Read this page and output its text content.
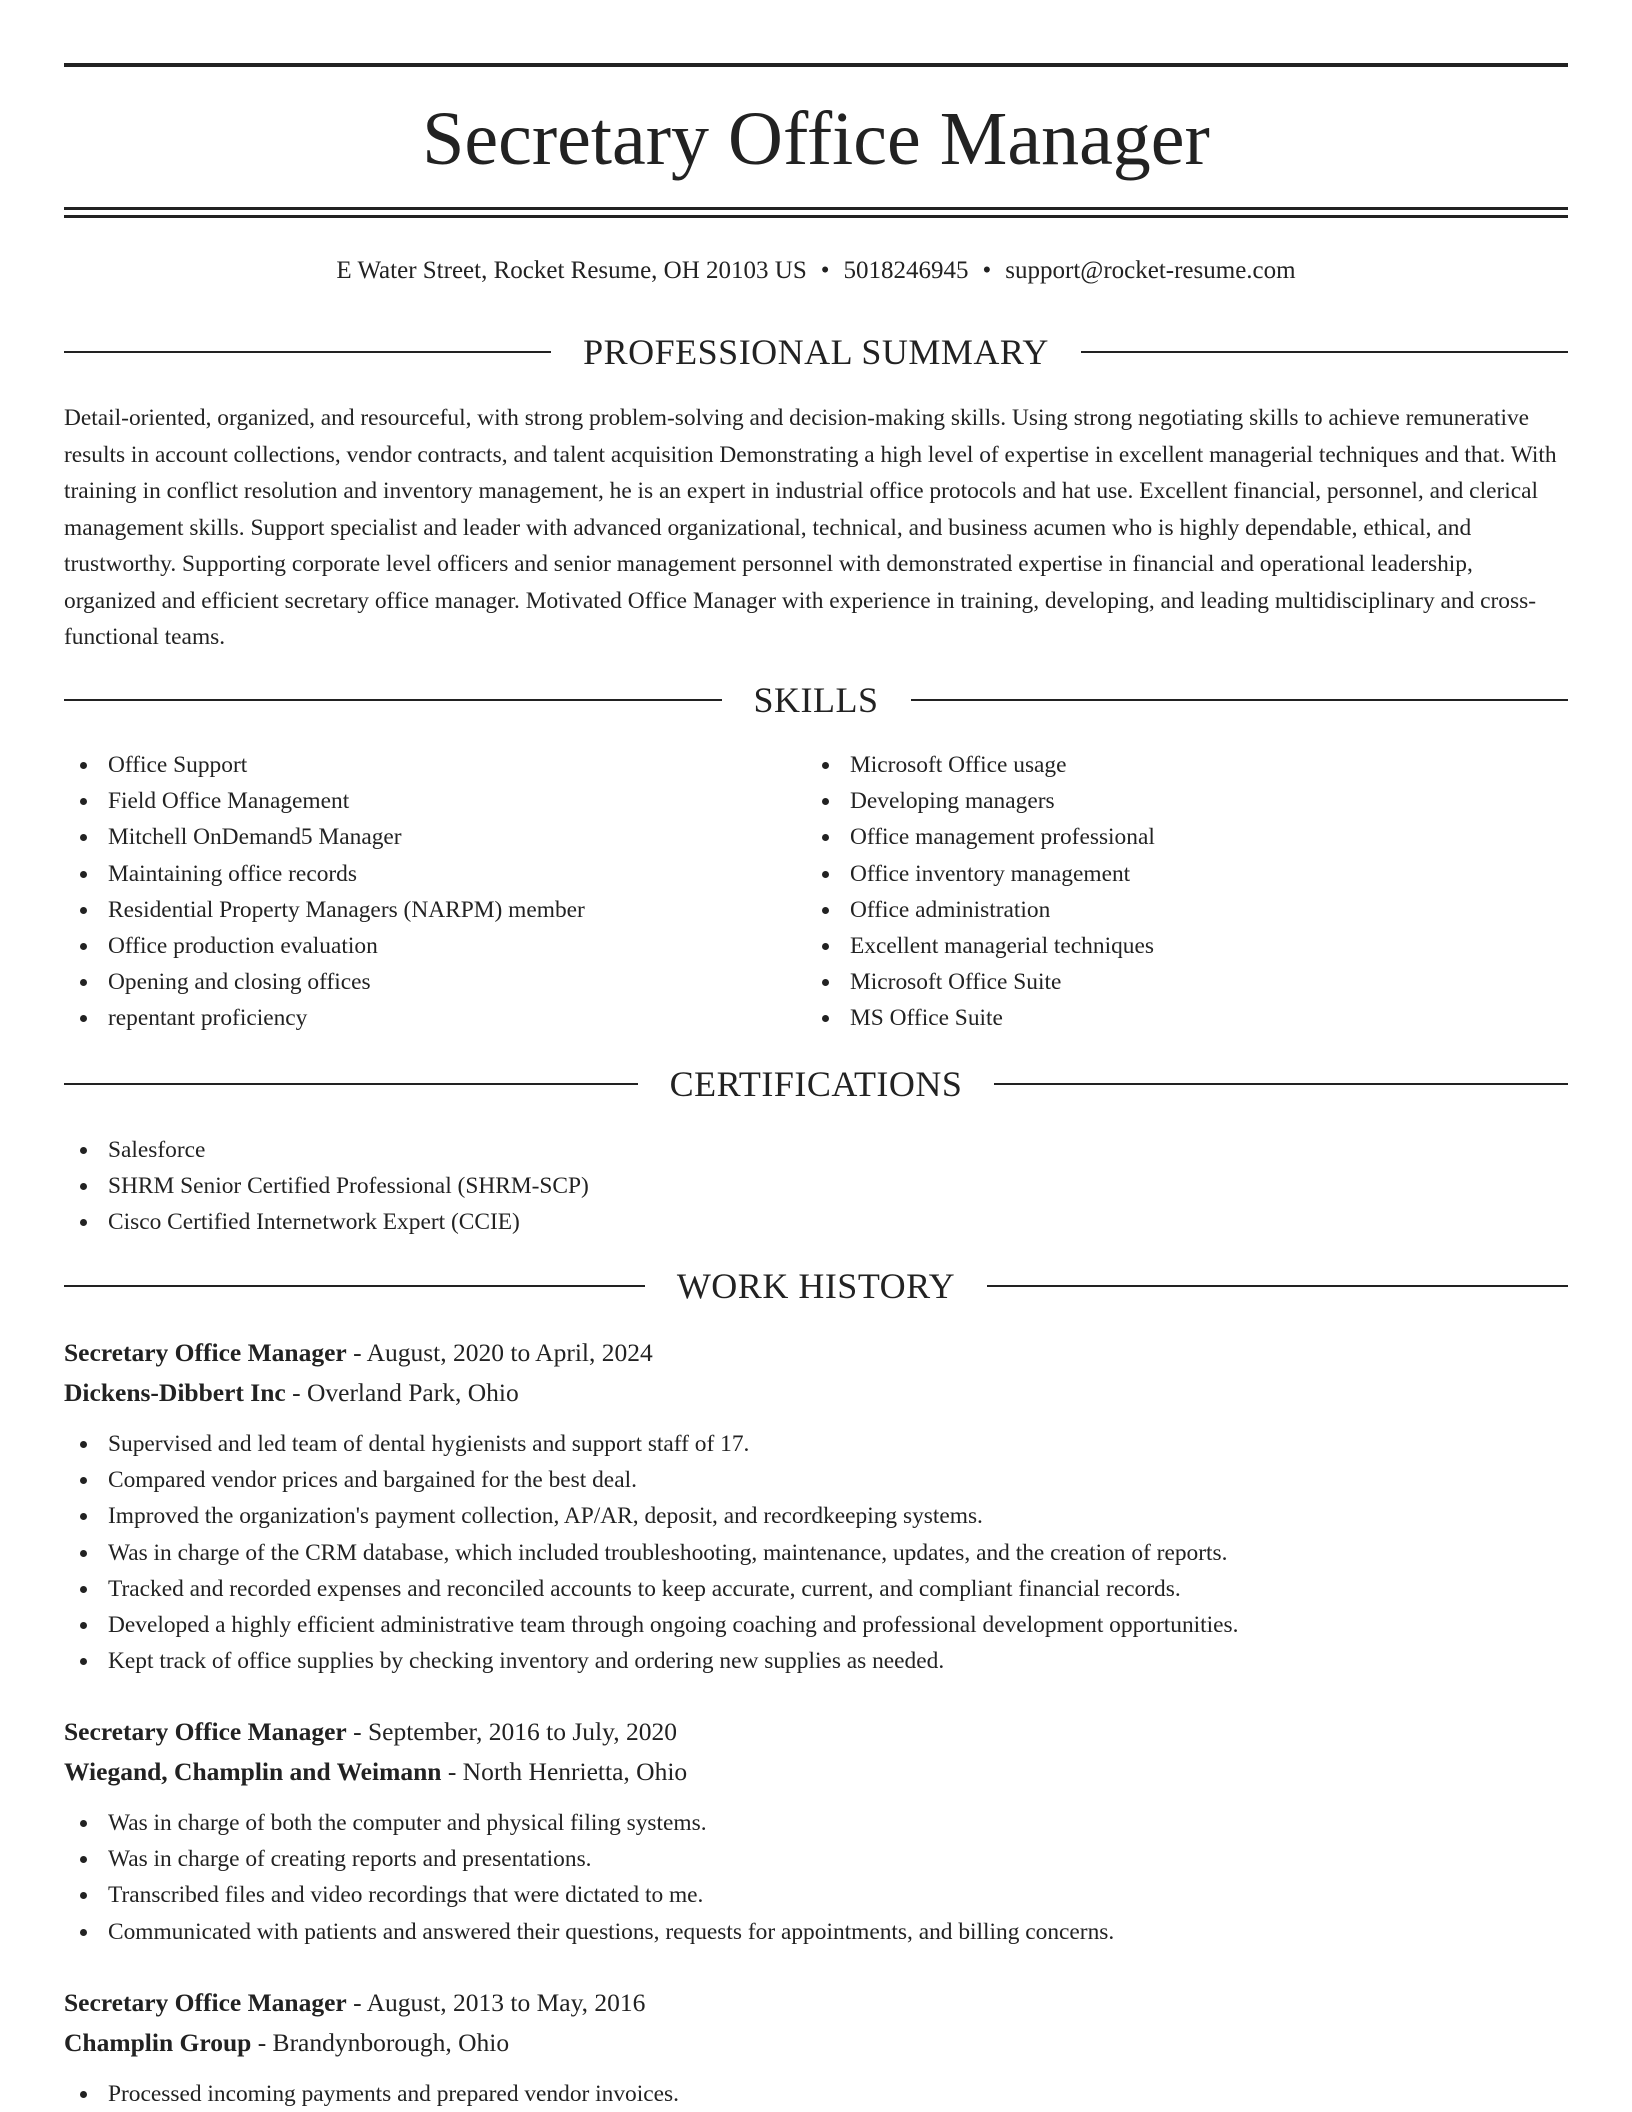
Secretary Office Manager
E Water Street, Rocket Resume, OH 20103 US • 5018246945 • support@rocket-resume.com
PROFESSIONAL SUMMARY

Detail-oriented, organized, and resourceful, with strong problem-solving and decision-making skills. Using strong negotiating skills to achieve remunerative results in account collections, vendor contracts, and talent acquisition Demonstrating a high level of expertise in excellent managerial techniques and that. With training in conflict resolution and inventory management, he is an expert in industrial office protocols and hat use. Excellent financial, personnel, and clerical management skills. Support specialist and leader with advanced organizational, technical, and business acumen who is highly dependable, ethical, and trustworthy. Supporting corporate level officers and senior management personnel with demonstrated expertise in financial and operational leadership, organized and efficient secretary office manager. Motivated Office Manager with experience in training, developing, and leading multidisciplinary and cross-functional teams.

SKILLS
Office Support
Field Office Management
Mitchell OnDemand5 Manager
Maintaining office records
Residential Property Managers (NARPM) member
Office production evaluation
Opening and closing offices
repentant proficiency
Microsoft Office usage
Developing managers
Office management professional
Office inventory management
Office administration
Excellent managerial techniques
Microsoft Office Suite
MS Office Suite
CERTIFICATIONS
Salesforce
SHRM Senior Certified Professional (SHRM-SCP)
Cisco Certified Internetwork Expert (CCIE)
WORK HISTORY
Secretary Office Manager - August, 2020 to April, 2024
Dickens-Dibbert Inc - Overland Park, Ohio
Supervised and led team of dental hygienists and support staff of 17.
Compared vendor prices and bargained for the best deal.
Improved the organization's payment collection, AP/AR, deposit, and recordkeeping systems.
Was in charge of the CRM database, which included troubleshooting, maintenance, updates, and the creation of reports.
Tracked and recorded expenses and reconciled accounts to keep accurate, current, and compliant financial records.
Developed a highly efficient administrative team through ongoing coaching and professional development opportunities.
Kept track of office supplies by checking inventory and ordering new supplies as needed.
Secretary Office Manager - September, 2016 to July, 2020
Wiegand, Champlin and Weimann - North Henrietta, Ohio
Was in charge of both the computer and physical filing systems.
Was in charge of creating reports and presentations.
Transcribed files and video recordings that were dictated to me.
Communicated with patients and answered their questions, requests for appointments, and billing concerns.
Secretary Office Manager - August, 2013 to May, 2016
Champlin Group - Brandynborough, Ohio
Processed incoming payments and prepared vendor invoices.
